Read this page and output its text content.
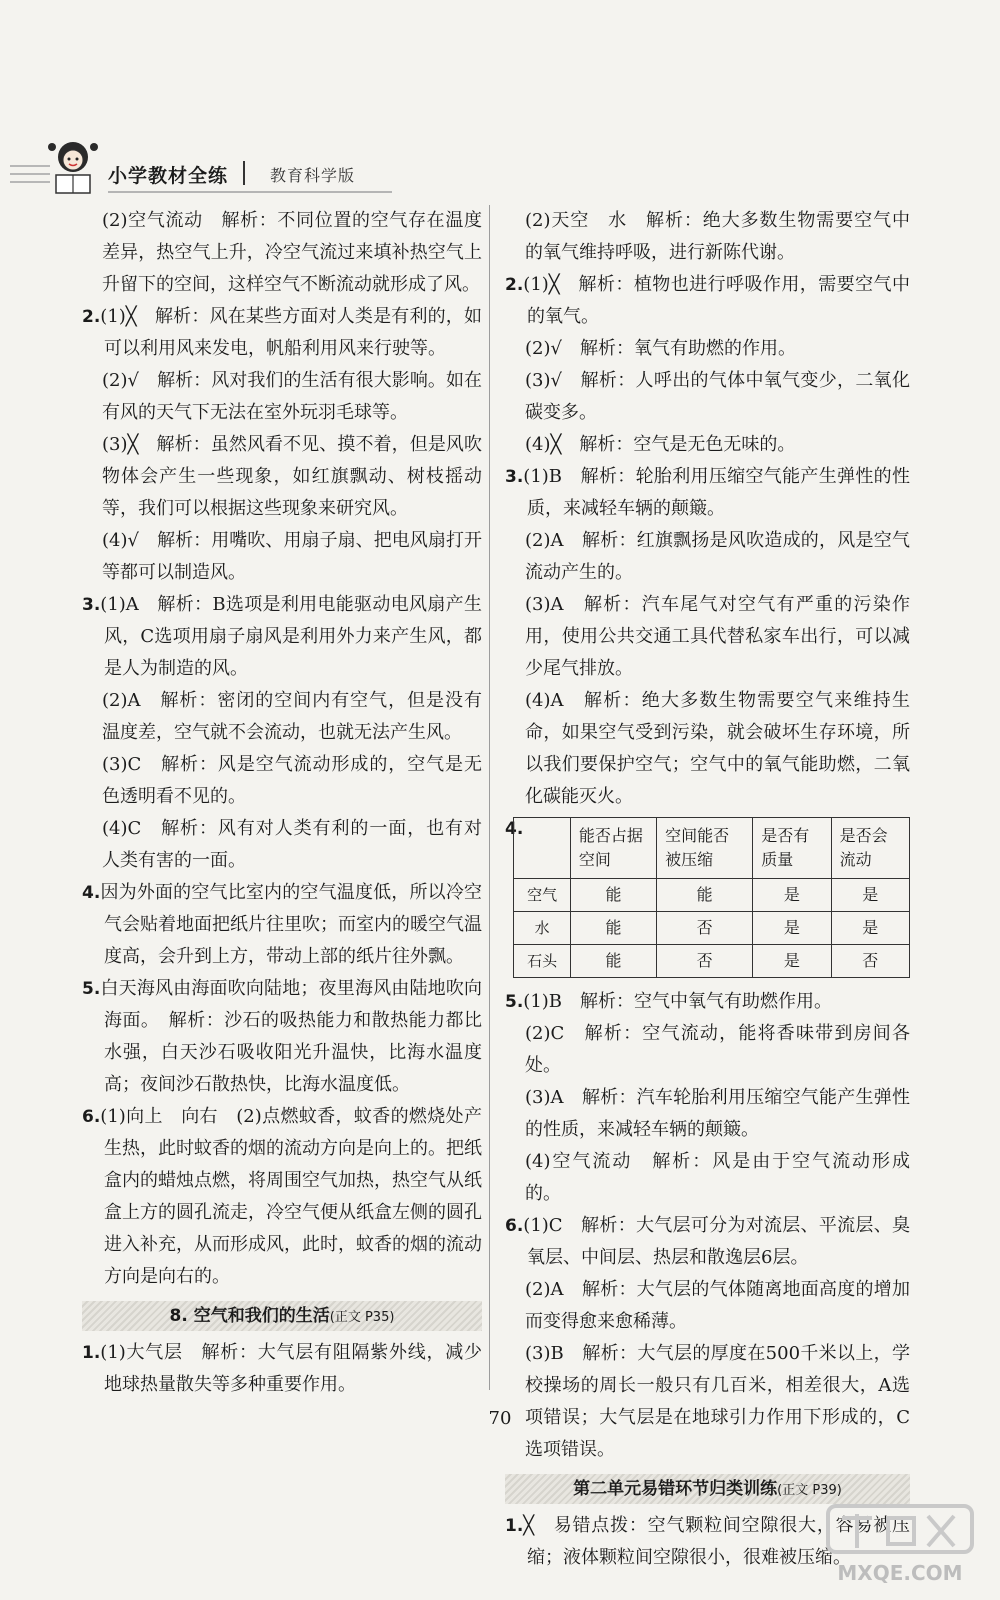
小学教材全练	教育科学版

(2)空气流动　解析：不同位置的空气存在温度差异，热空气上升，冷空气流过来填补热空气上升留下的空间，这样空气不断流动就形成了风。

2.(1)╳　解析：风在某些方面对人类是有利的，如可以利用风来发电，帆船利用风来行驶等。

(2)√　解析：风对我们的生活有很大影响。如在有风的天气下无法在室外玩羽毛球等。

(3)╳　解析：虽然风看不见、摸不着，但是风吹物体会产生一些现象，如红旗飘动、树枝摇动等，我们可以根据这些现象来研究风。

(4)√　解析：用嘴吹、用扇子扇、把电风扇打开等都可以制造风。

3.(1)A　解析：B选项是利用电能驱动电风扇产生风，C选项用扇子扇风是利用外力来产生风，都是人为制造的风。

(2)A　解析：密闭的空间内有空气，但是没有温度差，空气就不会流动，也就无法产生风。

(3)C　解析：风是空气流动形成的，空气是无色透明看不见的。

(4)C　解析：风有对人类有利的一面，也有对人类有害的一面。

4.因为外面的空气比室内的空气温度低，所以冷空气会贴着地面把纸片往里吹；而室内的暖空气温度高，会升到上方，带动上部的纸片往外飘。

5.白天海风由海面吹向陆地；夜里海风由陆地吹向海面。　解析：沙石的吸热能力和散热能力都比水强，白天沙石吸收阳光升温快，比海水温度高；夜间沙石散热快，比海水温度低。

6.(1)向上　向右　(2)点燃蚊香，蚊香的燃烧处产生热，此时蚊香的烟的流动方向是向上的。把纸盒内的蜡烛点燃，将周围空气加热，热空气从纸盒上方的圆孔流走，冷空气便从纸盒左侧的圆孔进入补充，从而形成风，此时，蚊香的烟的流动方向是向右的。

8. 空气和我们的生活(正文 P35)

1.(1)大气层　解析：大气层有阻隔紫外线，减少地球热量散失等多种重要作用。

(2)天空　水　解析：绝大多数生物需要空气中的氧气维持呼吸，进行新陈代谢。

2.(1)╳　解析：植物也进行呼吸作用，需要空气中的氧气。

(2)√　解析：氧气有助燃的作用。

(3)√　解析：人呼出的气体中氧气变少，二氧化碳变多。

(4)╳　解析：空气是无色无味的。

3.(1)B　解析：轮胎利用压缩空气能产生弹性的性质，来减轻车辆的颠簸。

(2)A　解析：红旗飘扬是风吹造成的，风是空气流动产生的。

(3)A　解析：汽车尾气对空气有严重的污染作用，使用公共交通工具代替私家车出行，可以减少尾气排放。

(4)A　解析：绝大多数生物需要空气来维持生命，如果空气受到污染，就会破坏生存环境，所以我们要保护空气；空气中的氧气能助燃，二氧化碳能灭火。

4.
		能否占据空间	空间能否被压缩	是否有质量	是否会流动
空气	能	能	是	是
水	能	否	是	是
石头	能	否	是	否

5.(1)B　解析：空气中氧气有助燃作用。

(2)C　解析：空气流动，能将香味带到房间各处。

(3)A　解析：汽车轮胎利用压缩空气能产生弹性的性质，来减轻车辆的颠簸。

(4)空气流动　解析：风是由于空气流动形成的。

6.(1)C　解析：大气层可分为对流层、平流层、臭氧层、中间层、热层和散逸层6层。

(2)A　解析：大气层的气体随离地面高度的增加而变得愈来愈稀薄。

(3)B　解析：大气层的厚度在500千米以上，学校操场的周长一般只有几百米，相差很大，A选项错误；大气层是在地球引力作用下形成的，C选项错误。

第二单元易错环节归类训练(正文 P39)

1.╳　易错点拨：空气颗粒间空隙很大，容易被压缩；液体颗粒间空隙很小，很难被压缩。

70
MXQE.COM
